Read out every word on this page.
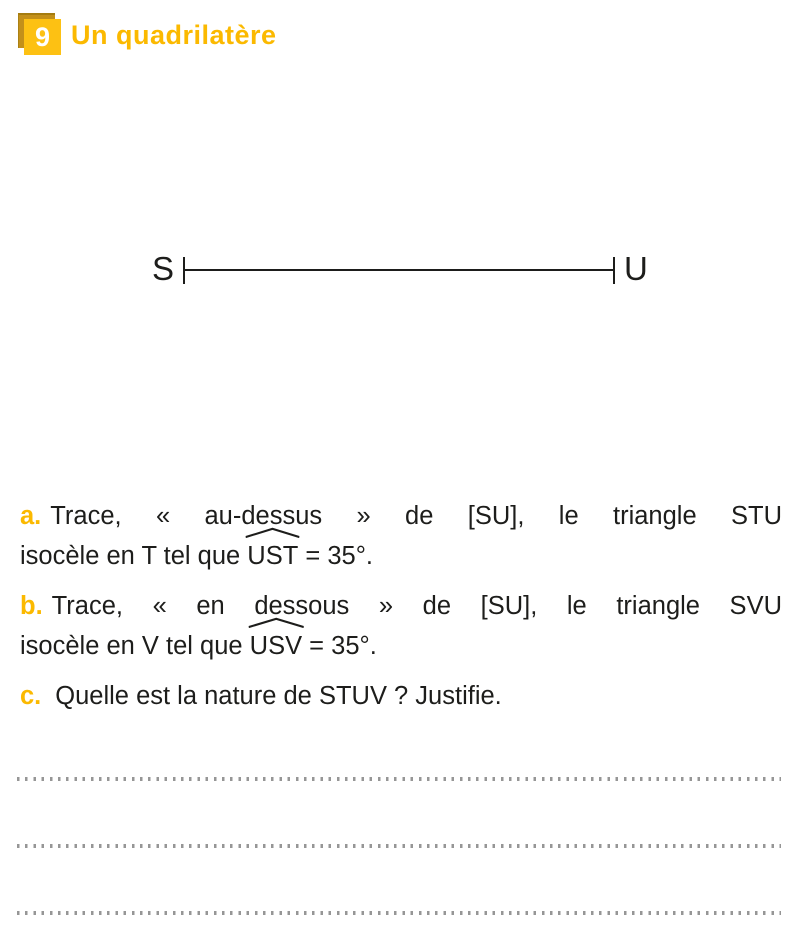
9 Un quadrilatère
S	U

a. Trace, « au-dessus » de [SU], le triangle STU
isocèle en T tel que
UST = 35°.

b. Trace, « en dessous » de [SU], le triangle SVU
isocèle en V tel que
USV = 35°.

c. Quelle est la nature de STUV ? Justifie.
